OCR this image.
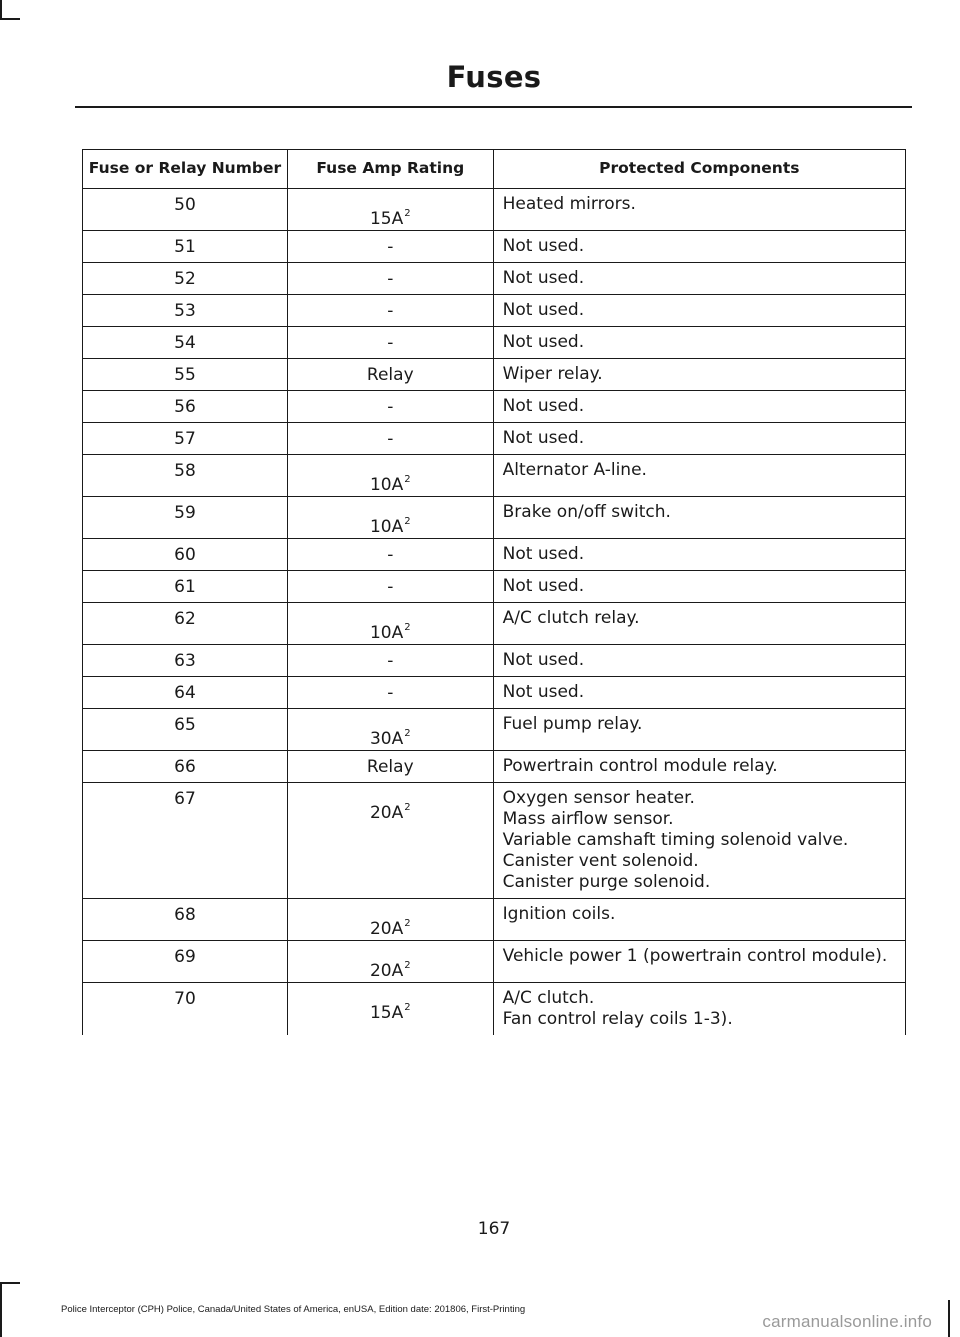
Fuses
Fuse or Relay Number	Fuse Amp Rating	Protected Components
50	$15A^2$	Heated mirrors.

51	-	Not used.

52	-	Not used.

53	-	Not used.

54	-	Not used.

55	Relay	Wiper relay.

56	-	Not used.

57	-	Not used.

58	$10A^2$	Alternator A-line.

59	$10A^2$	Brake on/off switch.

60	-	Not used.

61	-	Not used.

62	$10A^2$	A/C clutch relay.

63	-	Not used.

64	-	Not used.

65	$30A^2$	Fuel pump relay.

66	Relay	Powertrain control module relay.

67	$20A^2$	Oxygen sensor heater.
Mass airflow sensor.
Variable camshaft timing solenoid valve.
Canister vent solenoid.
Canister purge solenoid.

68	$20A^2$	Ignition coils.

69	$20A^2$	Vehicle power 1 (powertrain control module).

70	$15A^2$	A/C clutch.
Fan control relay coils 1-3).
167
Police Interceptor (CPH) Police, Canada/United States of America, enUSA, Edition date: 201806, First-Printing
carmanualsonline.info
